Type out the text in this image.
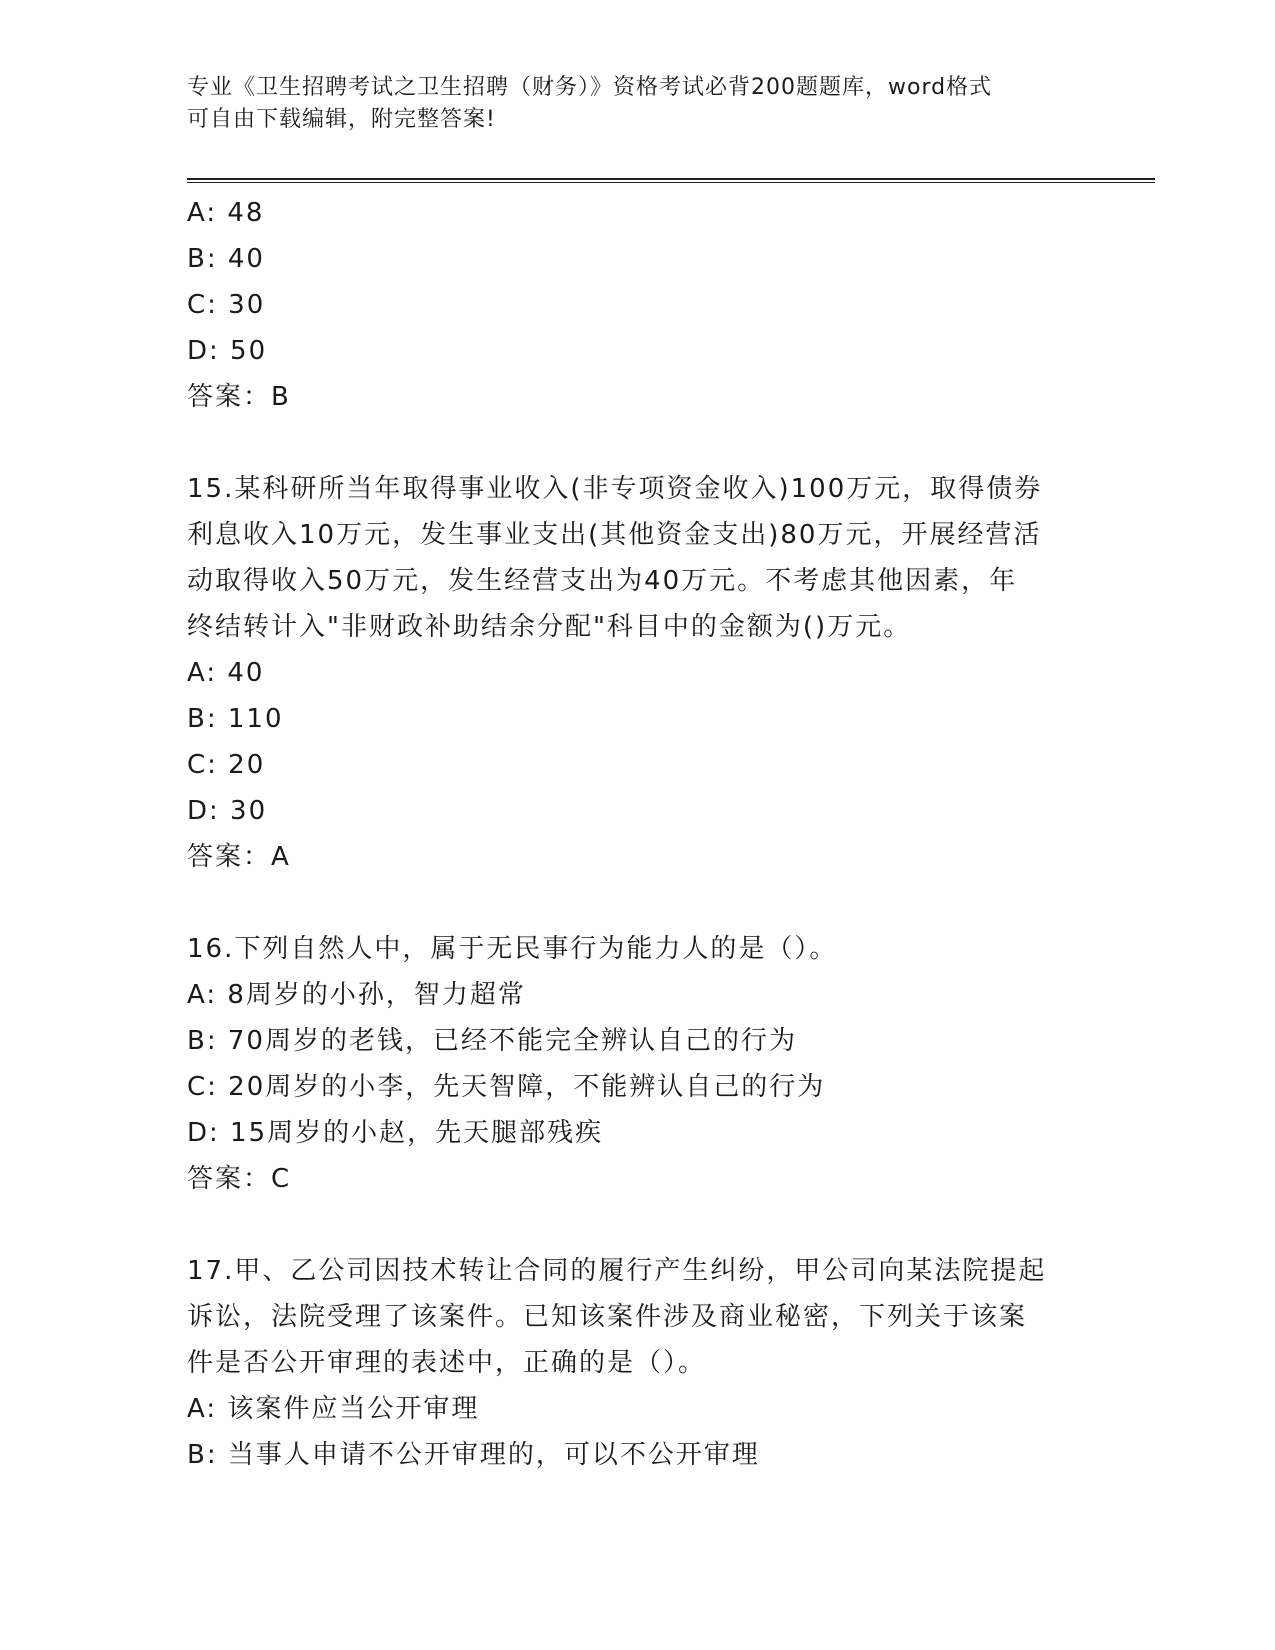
专业《卫生招聘考试之卫生招聘（财务）》资格考试必背200题题库，word格式
可自由下载编辑，附完整答案!
A: 48
B: 40
C: 30
D: 50
答案：B
15.某科研所当年取得事业收入(非专项资金收入)100万元，取得债券
利息收入10万元，发生事业支出(其他资金支出)80万元，开展经营活
动取得收入50万元，发生经营支出为40万元。不考虑其他因素，年
终结转计入"非财政补助结余分配"科目中的金额为()万元。
A: 40
B: 110
C: 20
D: 30
答案：A
16.下列自然人中，属于无民事行为能力人的是（）。
A: 8周岁的小孙，智力超常
B: 70周岁的老钱，已经不能完全辨认自己的行为
C: 20周岁的小李，先天智障，不能辨认自己的行为
D: 15周岁的小赵，先天腿部残疾
答案：C
17.甲、乙公司因技术转让合同的履行产生纠纷，甲公司向某法院提起
诉讼，法院受理了该案件。已知该案件涉及商业秘密，下列关于该案
件是否公开审理的表述中，正确的是（）。
A: 该案件应当公开审理
B: 当事人申请不公开审理的，可以不公开审理
